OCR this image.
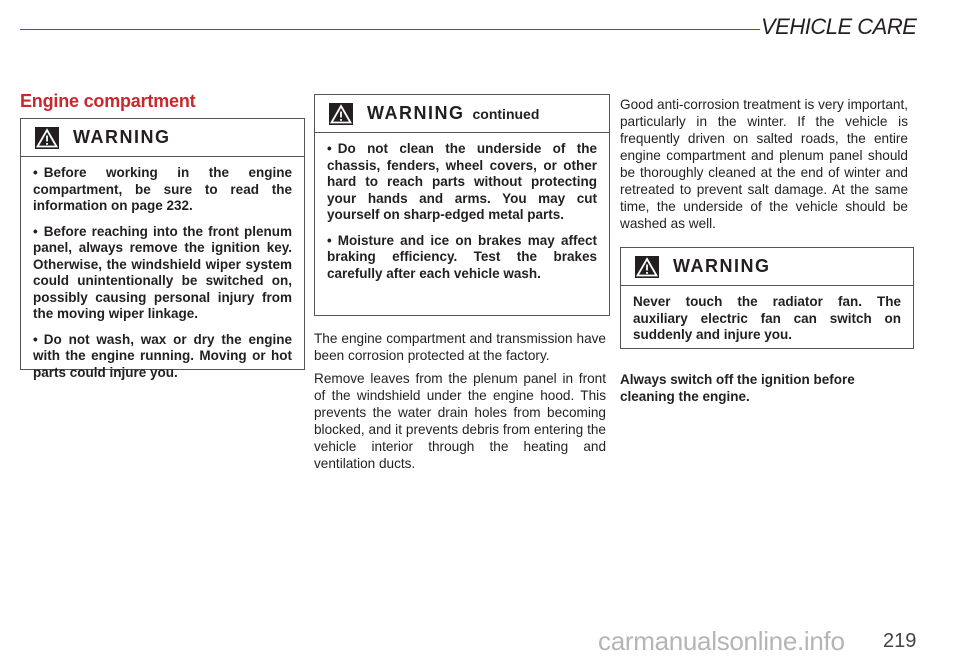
VEHICLE CARE
Engine compartment
WARNING

• Before working in the engine compartment, be sure to read the information on page 232.

• Before reaching into the front plenum panel, always remove the ignition key. Otherwise, the windshield wiper system could unintentionally be switched on, possibly causing personal injury from the moving wiper linkage.

• Do not wash, wax or dry the engine with the engine running. Moving or hot parts could injure you.

WARNING continued

• Do not clean the underside of the chassis, fenders, wheel covers, or other hard to reach parts without protecting your hands and arms. You may cut yourself on sharp-edged metal parts.

• Moisture and ice on brakes may affect braking efficiency. Test the brakes carefully after each vehicle wash.

The engine compartment and transmission have been corrosion protected at the factory.

Remove leaves from the plenum panel in front of the windshield under the engine hood. This prevents the water drain holes from becoming blocked, and it prevents debris from entering the vehicle interior through the heating and ventilation ducts.

Good anti-corrosion treatment is very important, particularly in the winter. If the vehicle is frequently driven on salted roads, the entire engine compartment and plenum panel should be thoroughly cleaned at the end of winter and retreated to prevent salt damage. At the same time, the underside of the vehicle should be washed as well.

WARNING

Never touch the radiator fan. The auxiliary electric fan can switch on suddenly and injure you.

Always switch off the ignition before cleaning the engine.

carmanualsonline.info 219
